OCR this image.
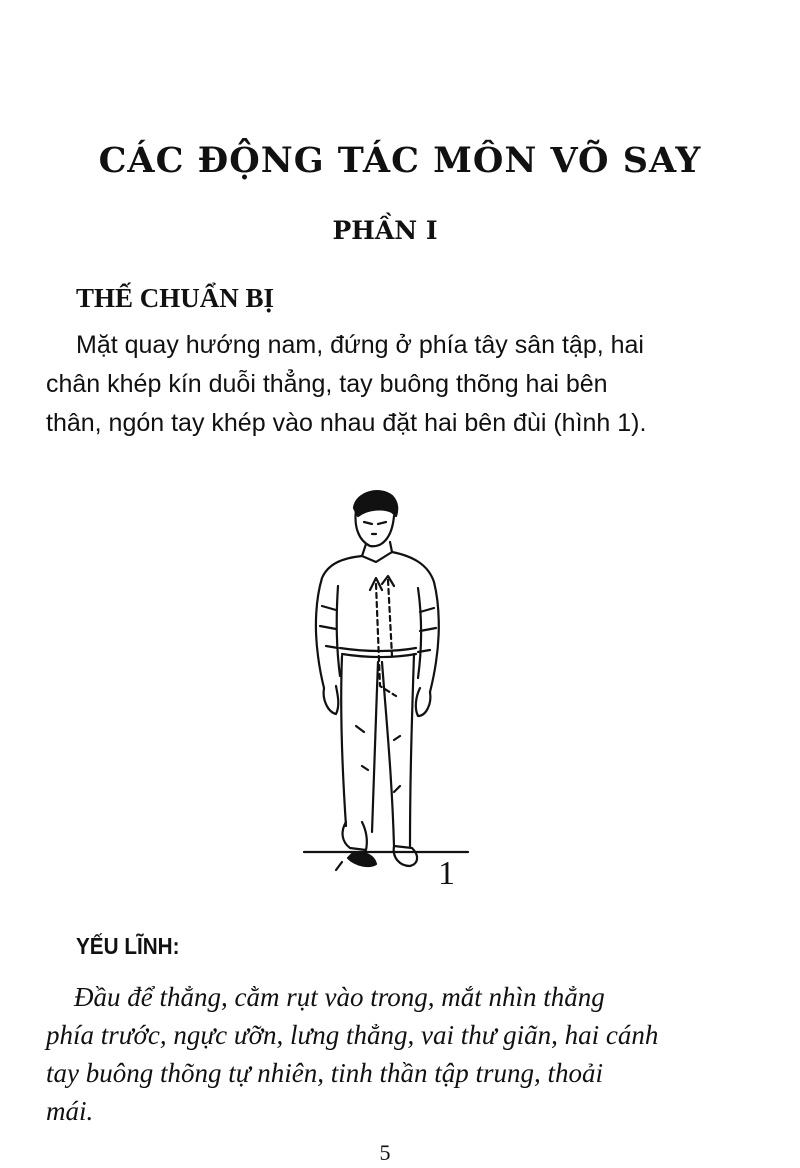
CÁC ĐỘNG TÁC MÔN VÕ SAY
PHẦN I
THẾ CHUẨN BỊ
Mặt quay hướng nam, đứng ở phía tây sân tập, hai
chân khép kín duỗi thẳng, tay buông thõng hai bên
thân, ngón tay khép vào nhau đặt hai bên đùi (hình 1).
1
YẾU LĨNH:
Đầu để thẳng, cằm rụt vào trong, mắt nhìn thẳng
phía trước, ngực ưỡn, lưng thẳng, vai thư giãn, hai cánh
tay buông thõng tự nhiên, tinh thần tập trung, thoải
mái.
5
